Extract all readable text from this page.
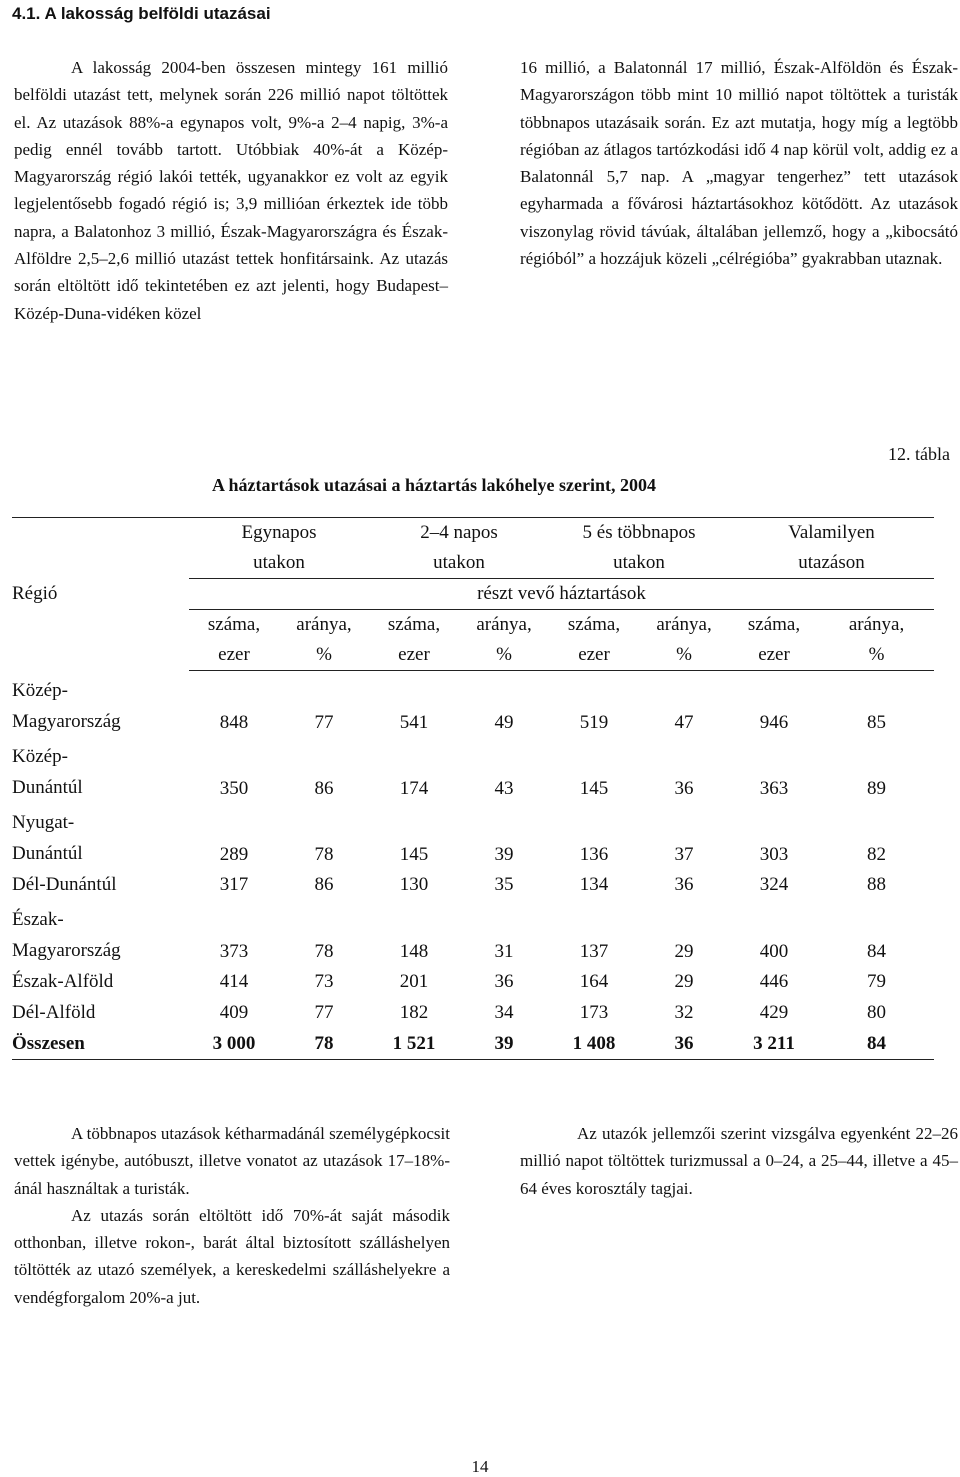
4.1. A lakosság belföldi utazásai

A lakosság 2004-ben összesen mintegy 161 millió belföldi utazást tett, melynek során 226 millió napot töltöttek el. Az utazások 88%-a egynapos volt, 9%-a 2–4 napig, 3%-a pedig ennél tovább tartott. Utóbbiak 40%-át a Közép-Magyarország régió lakói tették, ugyanakkor ez volt az egyik legjelentősebb fogadó régió is; 3,9 millióan érkeztek ide több napra, a Balatonhoz 3 millió, Észak-Magyarországra és Észak-Alföldre 2,5–2,6 millió utazást tettek honfitársaink. Az utazás során eltöltött idő tekintetében ez azt jelenti, hogy Budapest–Közép-Duna-vidéken közel

16 millió, a Balatonnál 17 millió, Észak-Alföldön és Észak-Magyarországon több mint 10 millió napot töltöttek a turisták többnapos utazásaik során. Ez azt mutatja, hogy míg a legtöbb régióban az átlagos tartózkodási idő 4 nap körül volt, addig ez a Balatonnál 5,7 nap. A „magyar tengerhez” tett utazások egyharmada a fővárosi háztartásokhoz kötődött. Az utazások viszonylag rövid távúak, általában jellemző, hogy a „kibocsátó régióból” a hozzájuk közeli „célrégióba” gyakrabban utaznak.

12. tábla
A háztartások utazásai a háztartás lakóhelye szerint, 2004
Régió	Egynapos		2–4 napos		5 és többnapos		Valamilyen	
	utakon		utakon		utakon		utazáson	
	részt vevő háztartások							
	száma,	aránya,	száma,	aránya,	száma,	aránya,	száma,	aránya,
	ezer	%	ezer	%	ezer	%	ezer	%
Közép-
Magyarország	848	77	541	49	519	47	946	85
Közép-
Dunántúl	350	86	174	43	145	36	363	89
Nyugat-
Dunántúl	289	78	145	39	136	37	303	82
Dél-Dunántúl	317	86	130	35	134	36	324	88
Észak-
Magyarország	373	78	148	31	137	29	400	84
Észak-Alföld	414	73	201	36	164	29	446	79
Dél-Alföld	409	77	182	34	173	32	429	80
Összesen	3 000	78	1 521	39	1 408	36	3 211	84

A többnapos utazások kétharmadánál személygépkocsit vettek igénybe, autóbuszt, illetve vonatot az utazások 17–18%-ánál használtak a turisták.

Az utazás során eltöltött idő 70%-át saját második otthonban, illetve rokon-, barát által biztosított szálláshelyen töltötték az utazó személyek, a kereskedelmi szálláshelyekre a vendégforgalom 20%-a jut.

Az utazók jellemzői szerint vizsgálva egyenként 22–26 millió napot töltöttek turizmussal a 0–24, a 25–44, illetve a 45–64 éves korosztály tagjai.

14
